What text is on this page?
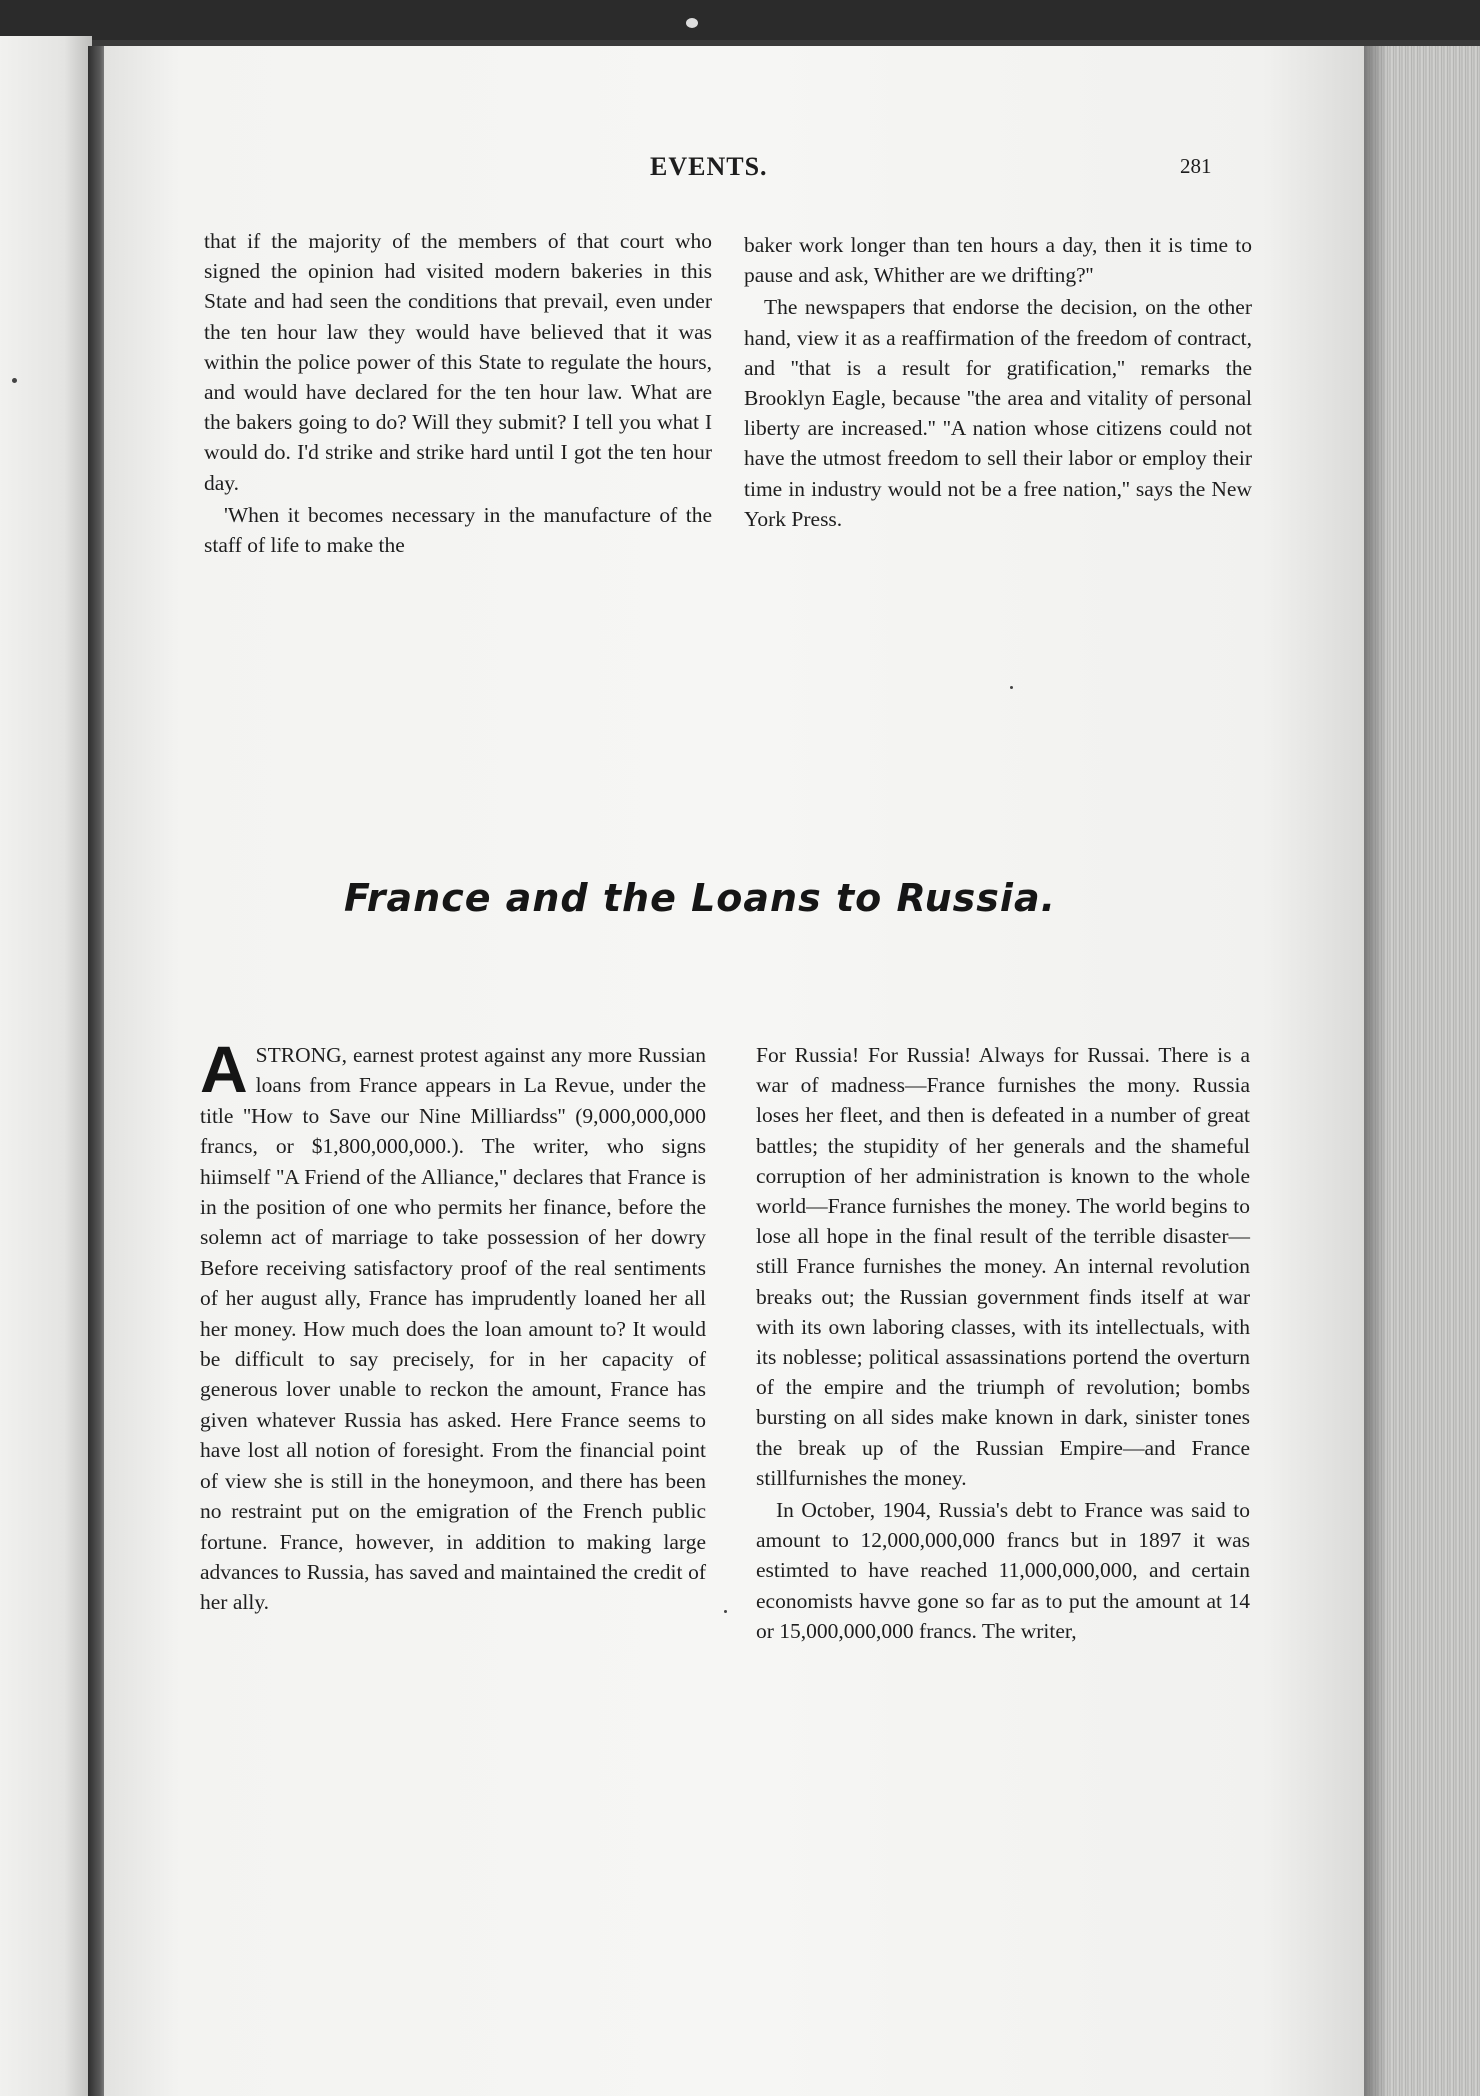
EVENTS.	281

that if the majority of the members of that court who signed the opinion had visited modern bakeries in this State and had seen the conditions that prevail, even under the ten hour law they would have believed that it was within the police power of this State to regulate the hours, and would have declared for the ten hour law. What are the bakers going to do? Will they submit? I tell you what I would do. I'd strike and strike hard until I got the ten hour day.

'When it becomes necessary in the manufacture of the staff of life to make the

baker work longer than ten hours a day, then it is time to pause and ask, Whither are we drifting?''

The newspapers that endorse the decision, on the other hand, view it as a reaffirmation of the freedom of contract, and ''that is a result for gratification,'' remarks the Brooklyn Eagle, because ''the area and vitality of personal liberty are increased.'' ''A nation whose citizens could not have the utmost freedom to sell their labor or employ their time in industry would not be a free nation,'' says the New York Press.

France and the Loans to Russia.

ASTRONG, earnest protest against any more Russian loans from France appears in La Revue, under the title ''How to Save our Nine Milliardss'' (9,000,000,000 francs, or $1,800,000,000.). The writer, who signs hiimself ''A Friend of the Alliance,'' declares that France is in the position of one who permits her finance, before the solemn act of marriage to take possession of her dowry Before receiving satisfactory proof of the real sentiments of her august ally, France has imprudently loaned her all her money. How much does the loan amount to? It would be difficult to say precisely, for in her capacity of generous lover unable to reckon the amount, France has given whatever Russia has asked. Here France seems to have lost all notion of foresight. From the financial point of view she is still in the honeymoon, and there has been no restraint put on the emigration of the French public fortune. France, however, in addition to making large advances to Russia, has saved and maintained the credit of her ally.

For Russia! For Russia! Always for Russai. There is a war of madness—France furnishes the mony. Russia loses her fleet, and then is defeated in a number of great battles; the stupidity of her generals and the shameful corruption of her administration is known to the whole world—France furnishes the money. The world begins to lose all hope in the final result of the terrible disaster—still France furnishes the money. An internal revolution breaks out; the Russian government finds itself at war with its own laboring classes, with its intellectuals, with its noblesse; political assassinations portend the overturn of the empire and the triumph of revolution; bombs bursting on all sides make known in dark, sinister tones the break up of the Russian Empire—and France stillfurnishes the money.

In October, 1904, Russia's debt to France was said to amount to 12,000,000,000 francs but in 1897 it was estimted to have reached 11,000,000,000, and certain economists havve gone so far as to put the amount at 14 or 15,000,000,000 francs. The writer,
